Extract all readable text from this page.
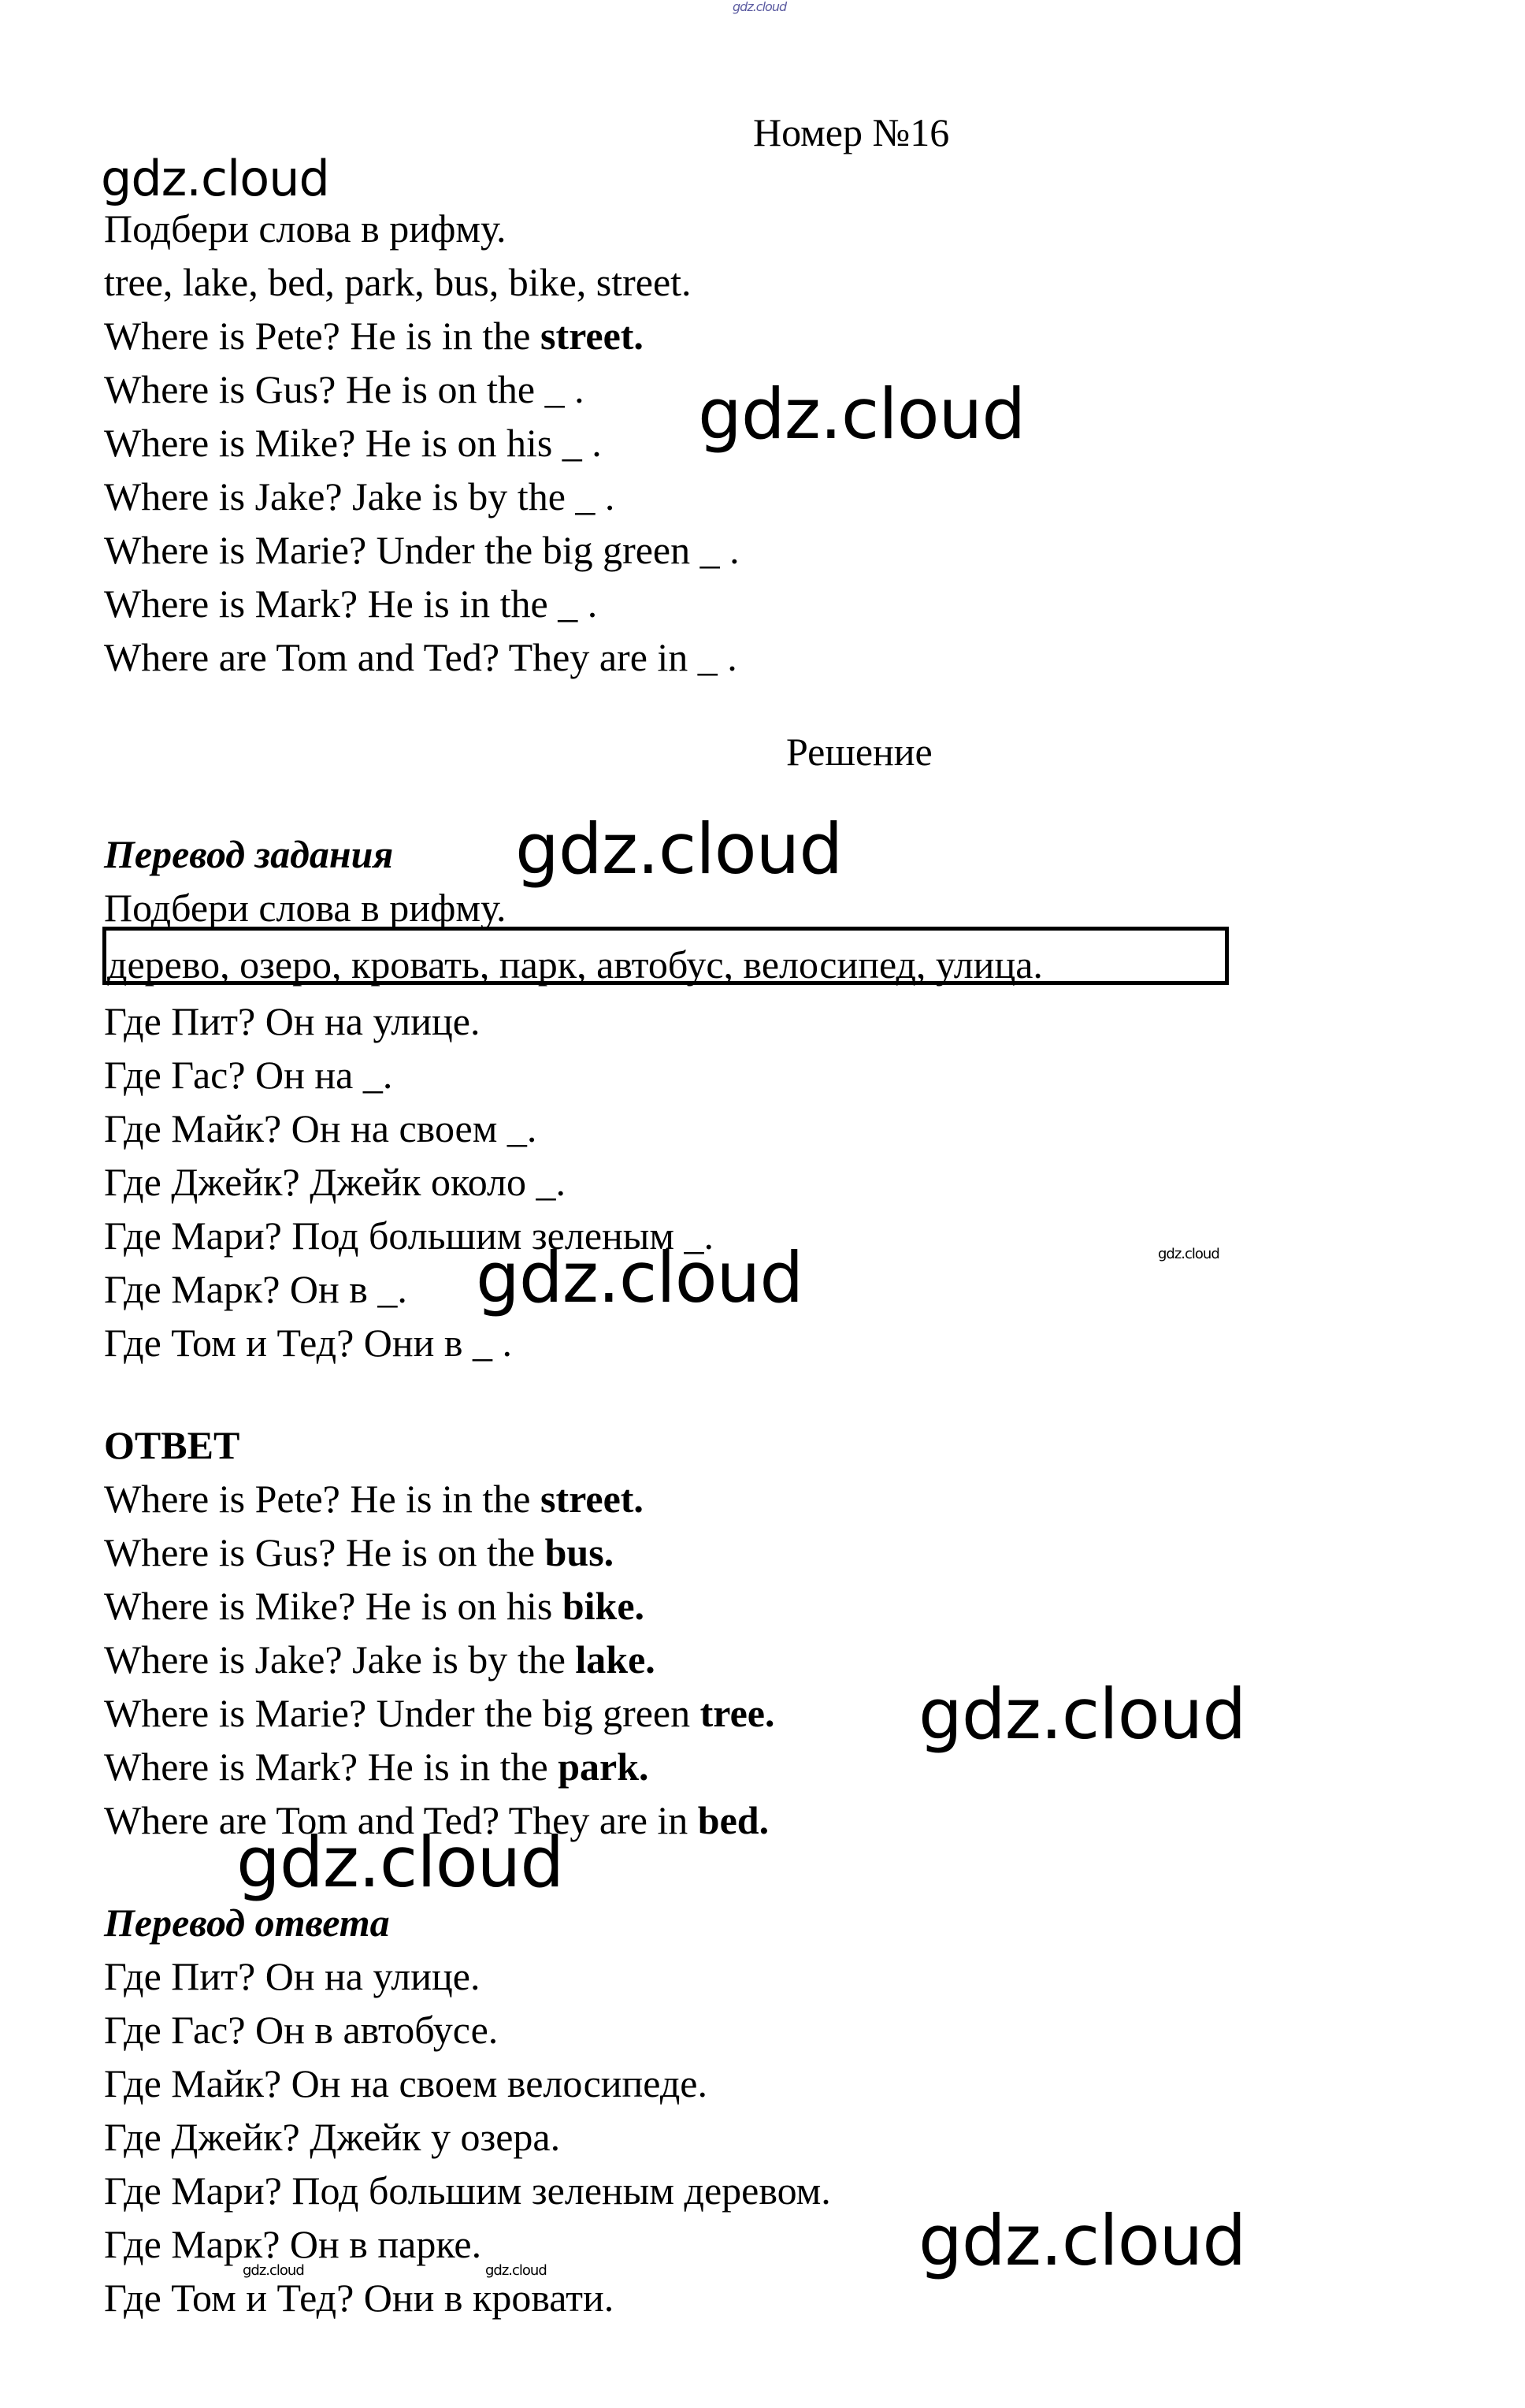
gdz.cloud
Номер №16
gdz.cloud

Подбери слова в рифму.

tree, lake, bed, park, bus, bike, street.

Where is Pete? He is in the street.

Where is Gus? He is on the _ .

Where is Mike? He is on his _ .

Where is Jake? Jake is by the _ .

Where is Marie? Under the big green _ .

Where is Mark? He is in the _ .

Where are Tom and Ted? They are in _ .

gdz.cloud
Решение

Перевод задания gdz.cloud

Подбери слова в рифму.

дерево, озеро, кровать, парк, автобус, велосипед, улица.

Где Пит? Он на улице.

Где Гас? Он на _.

Где Майк? Он на своем _.

Где Джейк? Джейк около _.

Где Мари? Под большим зеленым _.

Где Марк? Он в _.

Где Том и Тед? Они в _ .

gdz.cloud	gdz.cloud

ОТВЕТ

Where is Pete? He is in the street.

Where is Gus? He is on the bus.

Where is Mike? He is on his bike.

Where is Jake? Jake is by the lake.

Where is Marie? Under the big green tree.

Where is Mark? He is in the park.

Where are Tom and Ted? They are in bed.

gdz.cloud
gdz.cloud

Перевод ответа

Где Пит? Он на улице.

Где Гас? Он в автобусе.

Где Майк? Он на своем велосипеде.

Где Джейк? Джейк у озера.

Где Мари? Под большим зеленым деревом.

Где Марк? Он в парке.

Где Том и Тед? Они в кровати.

gdz.cloud
gdz.cloud	gdz.cloud
